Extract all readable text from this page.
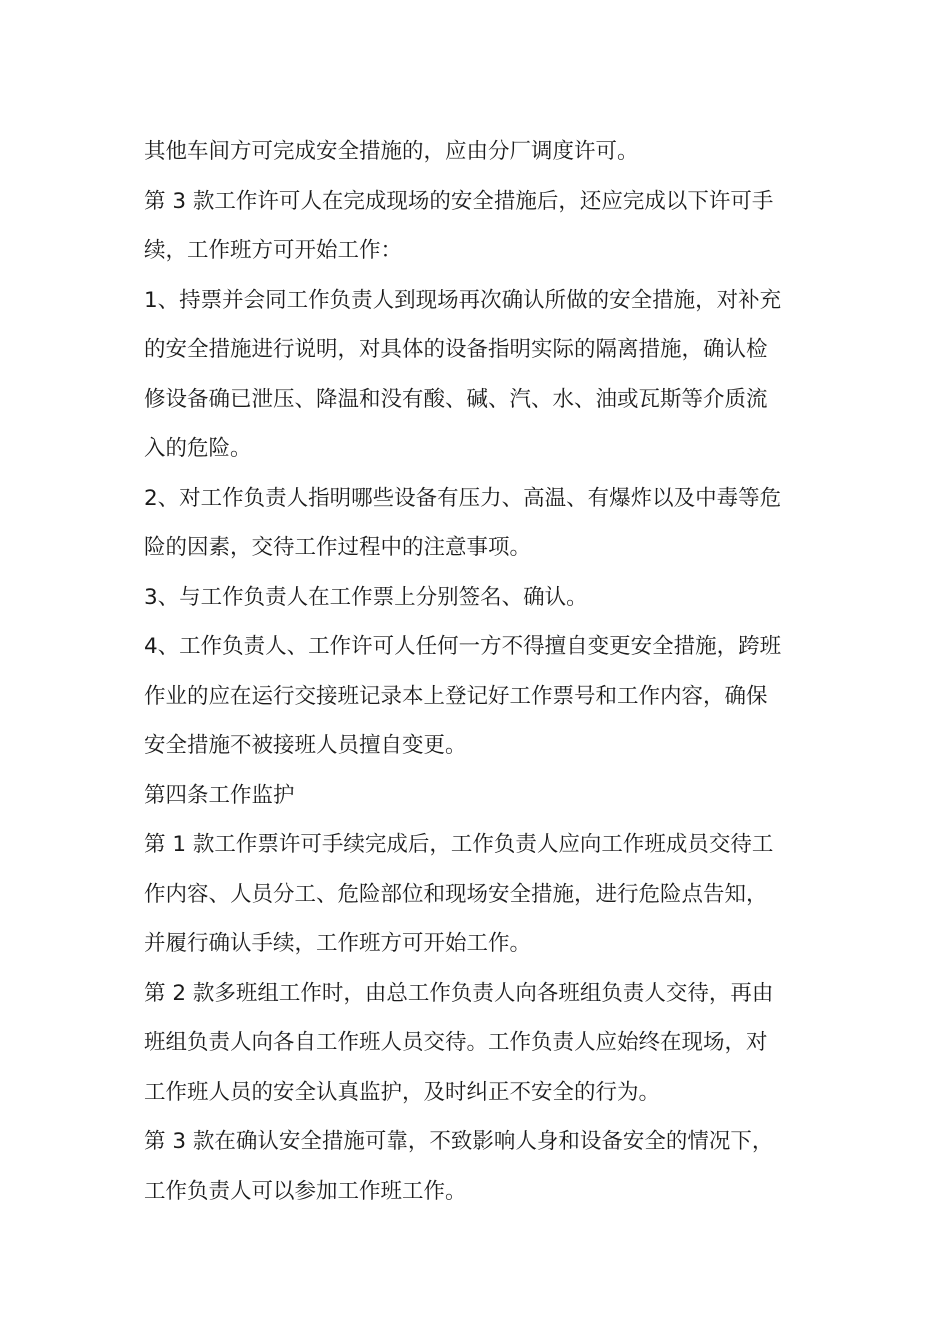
其他车间方可完成安全措施的，应由分厂调度许可。
第 3 款工作许可人在完成现场的安全措施后，还应完成以下许可手
续，工作班方可开始工作：
1、持票并会同工作负责人到现场再次确认所做的安全措施，对补充
的安全措施进行说明，对具体的设备指明实际的隔离措施，确认检
修设备确已泄压、降温和没有酸、碱、汽、水、油或瓦斯等介质流
入的危险。
2、对工作负责人指明哪些设备有压力、高温、有爆炸以及中毒等危
险的因素，交待工作过程中的注意事项。
3、与工作负责人在工作票上分别签名、确认。
4、工作负责人、工作许可人任何一方不得擅自变更安全措施，跨班
作业的应在运行交接班记录本上登记好工作票号和工作内容，确保
安全措施不被接班人员擅自变更。
第四条工作监护
第 1 款工作票许可手续完成后，工作负责人应向工作班成员交待工
作内容、人员分工、危险部位和现场安全措施，进行危险点告知，
并履行确认手续，工作班方可开始工作。
第 2 款多班组工作时，由总工作负责人向各班组负责人交待，再由
班组负责人向各自工作班人员交待。工作负责人应始终在现场，对
工作班人员的安全认真监护，及时纠正不安全的行为。
第 3 款在确认安全措施可靠，不致影响人身和设备安全的情况下，
工作负责人可以参加工作班工作。
